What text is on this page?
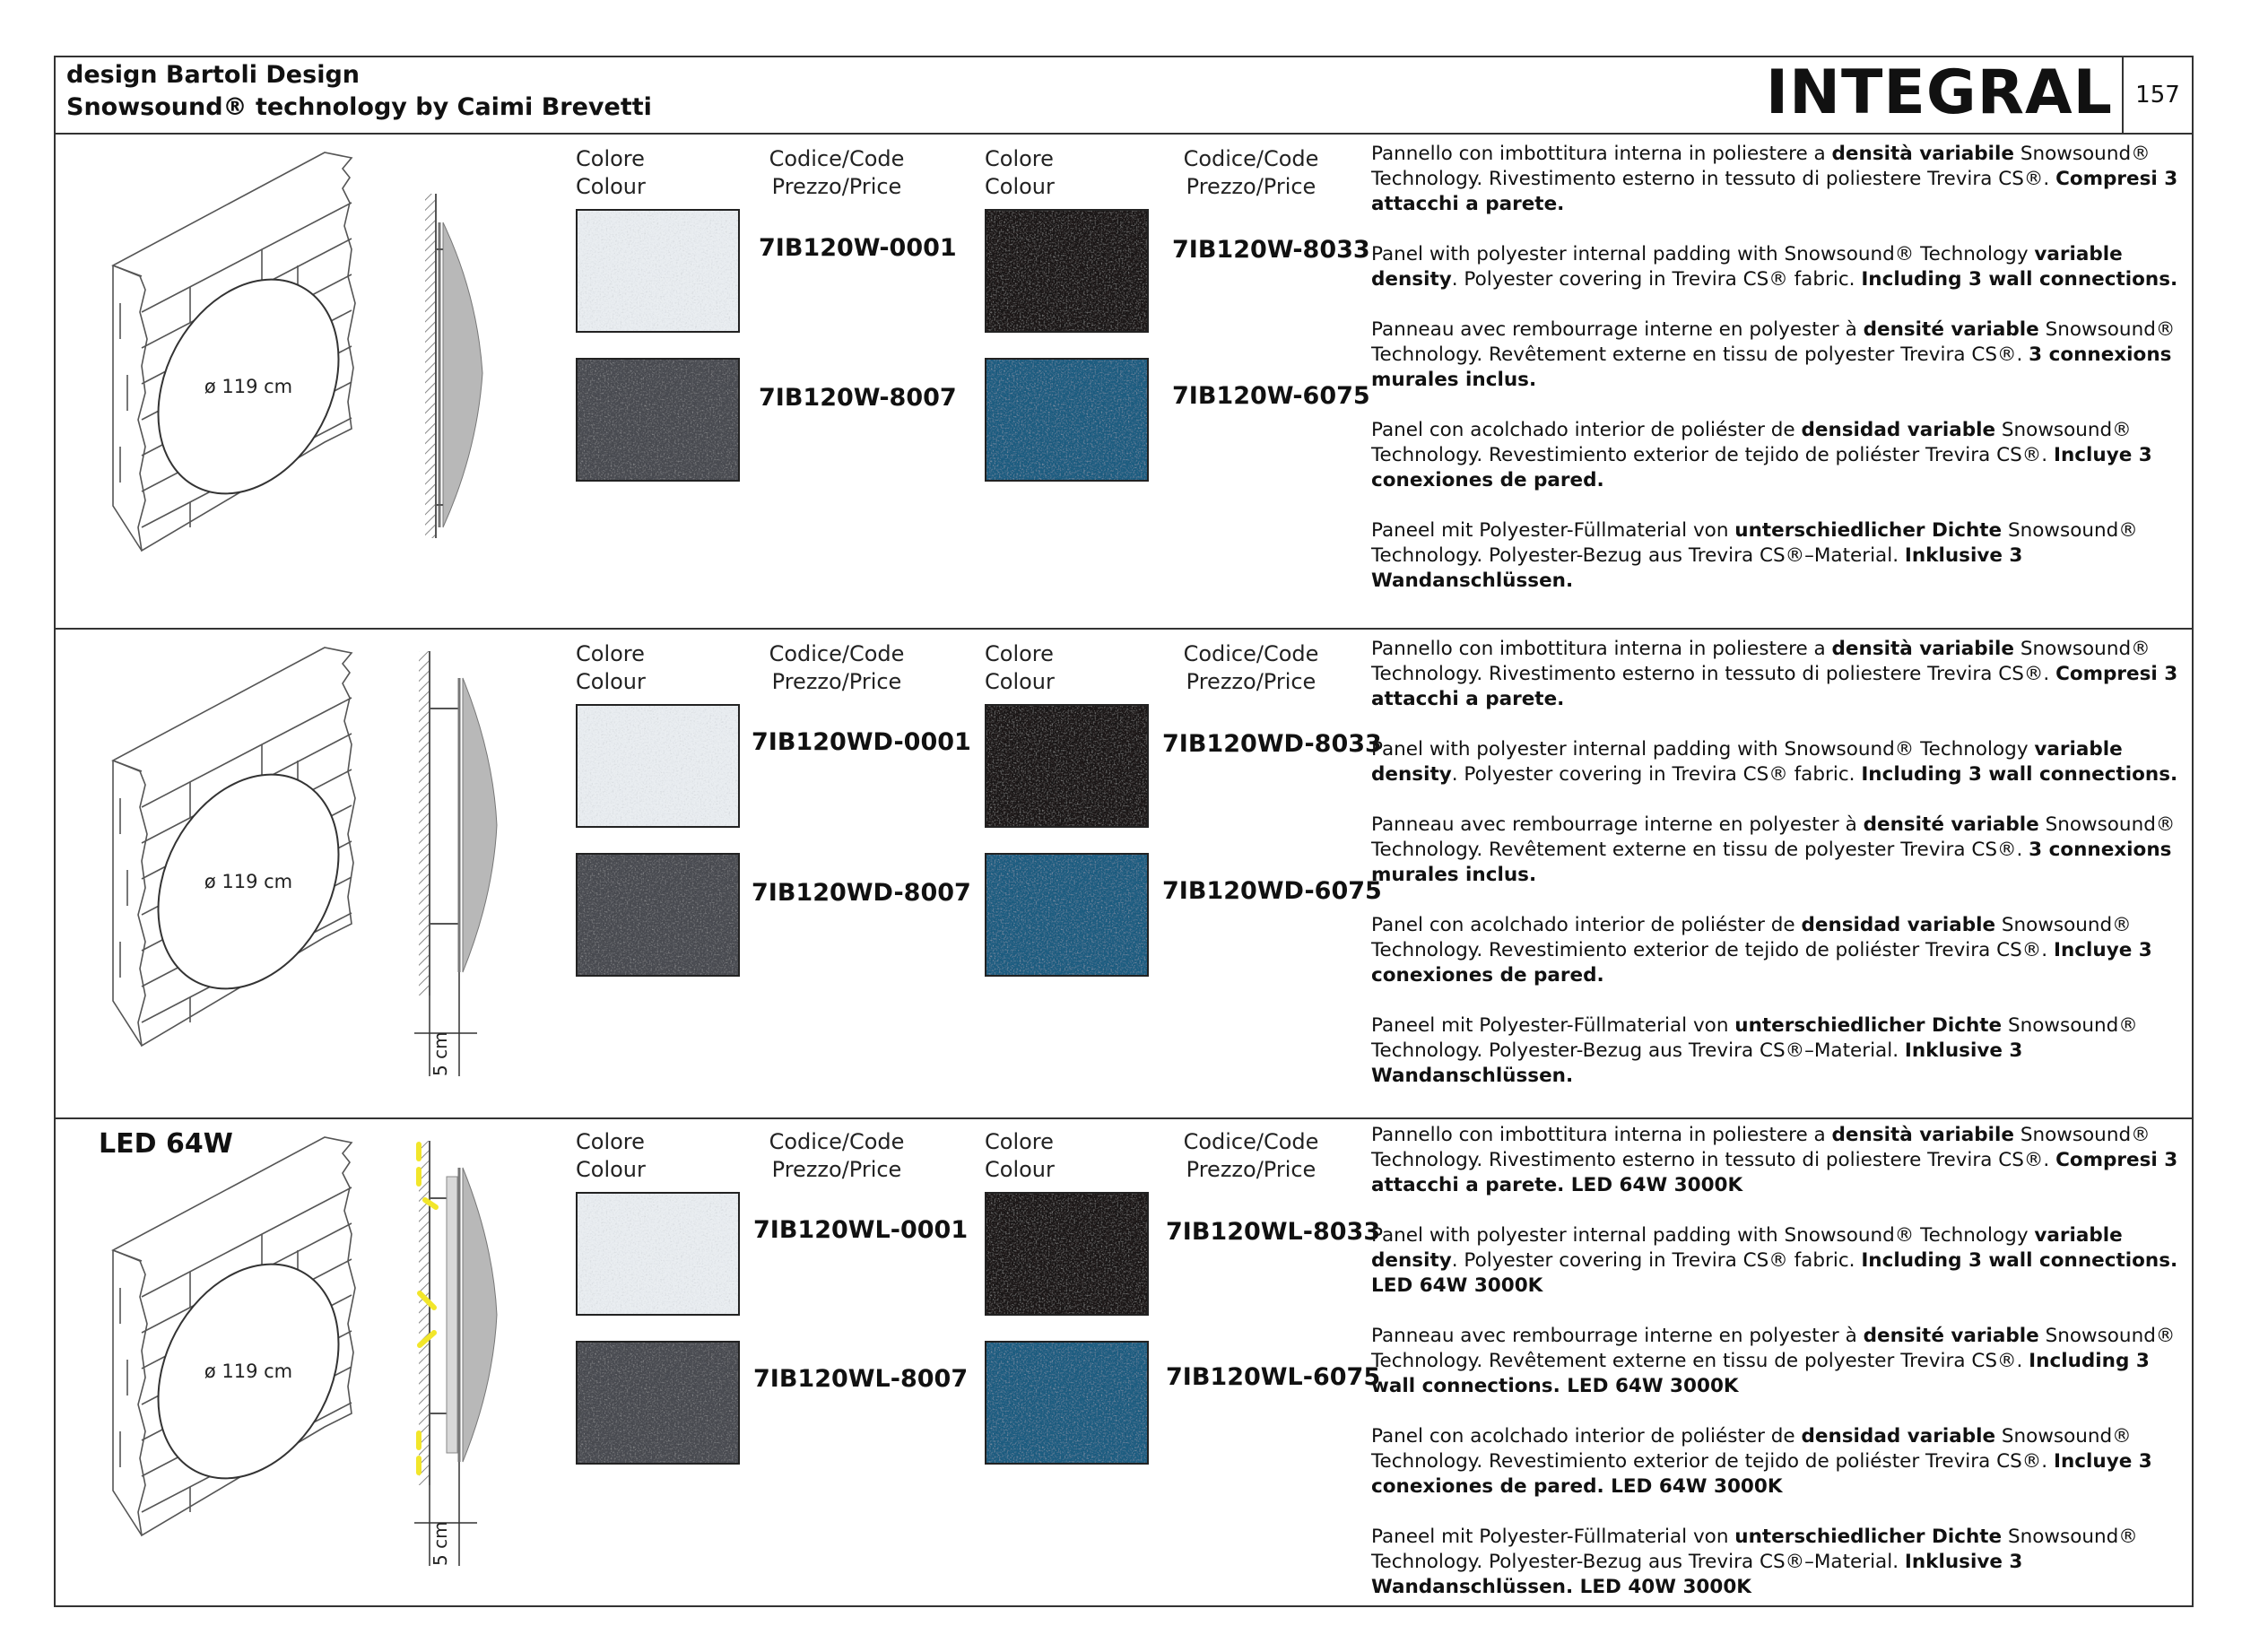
design Bartoli Design
Snowsound® technology by Caimi Brevetti	INTEGRAL 157
ø 119 cm
Colore
Colour
Codice/Code
Prezzo/Price
Colore
Colour
Codice/Code
Prezzo/Price
7IB120W-0001	7IB120W-8033
7IB120W-8007	7IB120W-6075

Pannello con imbottitura interna in poliestere a densità variabile Snowsound® Technology. Rivestimento esterno in tessuto di poliestere Trevira CS®. Compresi 3 attacchi a parete.

Panel with polyester internal padding with Snowsound® Technology variable density. Polyester covering in Trevira CS® fabric. Including 3 wall connections.

Panneau avec rembourrage interne en polyester à densité variable Snowsound® Technology. Revêtement externe en tissu de polyester Trevira CS®. 3 connexions murales inclus.

Panel con acolchado interior de poliéster de densidad variable Snowsound® Technology. Revestimiento exterior de tejido de poliéster Trevira CS®. Incluye 3 conexiones de pared.

Paneel mit Polyester-Füllmaterial von unterschiedlicher Dichte Snowsound® Technology. Polyester-Bezug aus Trevira CS®–Material. Inklusive 3 Wandanschlüssen.

ø 119 cm
5 cm
Colore
Colour
Codice/Code
Prezzo/Price
Colore
Colour
Codice/Code
Prezzo/Price
7IB120WD-0001	7IB120WD-8033
7IB120WD-8007	7IB120WD-6075

Pannello con imbottitura interna in poliestere a densità variabile Snowsound® Technology. Rivestimento esterno in tessuto di poliestere Trevira CS®. Compresi 3 attacchi a parete.

Panel with polyester internal padding with Snowsound® Technology variable density. Polyester covering in Trevira CS® fabric. Including 3 wall connections.

Panneau avec rembourrage interne en polyester à densité variable Snowsound® Technology. Revêtement externe en tissu de polyester Trevira CS®. 3 connexions murales inclus.

Panel con acolchado interior de poliéster de densidad variable Snowsound® Technology. Revestimiento exterior de tejido de poliéster Trevira CS®. Incluye 3 conexiones de pared.

Paneel mit Polyester-Füllmaterial von unterschiedlicher Dichte Snowsound® Technology. Polyester-Bezug aus Trevira CS®–Material. Inklusive 3 Wandanschlüssen.

LED 64W
ø 119 cm
5 cm
Colore
Colour
Codice/Code
Prezzo/Price
Colore
Colour
Codice/Code
Prezzo/Price
7IB120WL-0001	7IB120WL-8033
7IB120WL-8007	7IB120WL-6075

Pannello con imbottitura interna in poliestere a densità variabile Snowsound® Technology. Rivestimento esterno in tessuto di poliestere Trevira CS®. Compresi 3 attacchi a parete. LED 64W 3000K

Panel with polyester internal padding with Snowsound® Technology variable density. Polyester covering in Trevira CS® fabric. Including 3 wall connections. LED 64W 3000K

Panneau avec rembourrage interne en polyester à densité variable Snowsound® Technology. Revêtement externe en tissu de polyester Trevira CS®. Including 3 wall connections. LED 64W 3000K

Panel con acolchado interior de poliéster de densidad variable Snowsound® Technology. Revestimiento exterior de tejido de poliéster Trevira CS®. Incluye 3 conexiones de pared. LED 64W 3000K

Paneel mit Polyester-Füllmaterial von unterschiedlicher Dichte Snowsound® Technology. Polyester-Bezug aus Trevira CS®–Material. Inklusive 3 Wandanschlüssen. LED 40W 3000K
